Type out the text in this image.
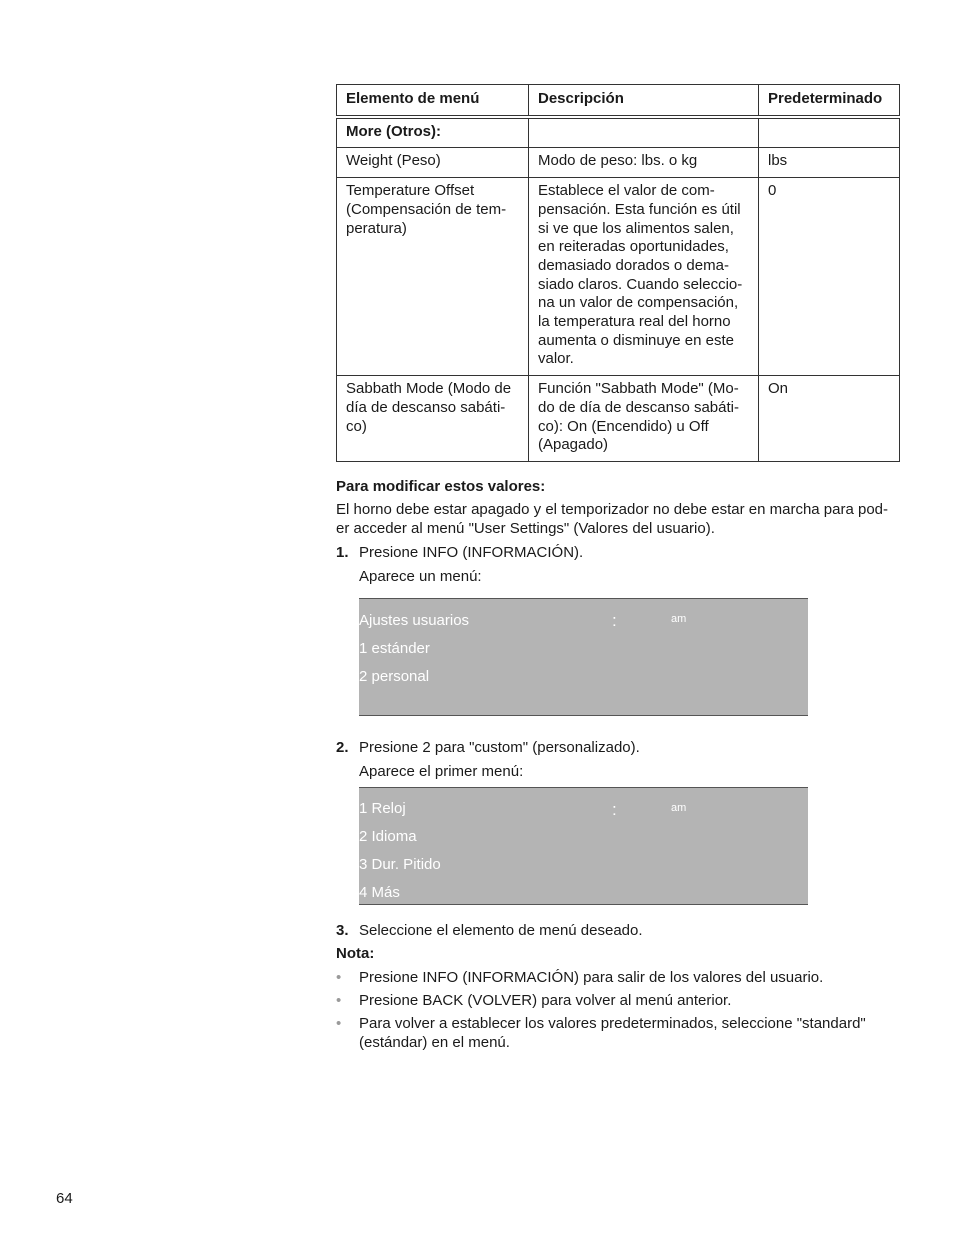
Elemento de menú	Descripción	Predeterminado
More (Otros):		
Weight (Peso)	Modo de peso: lbs. o kg	lbs
Temperature Offset (Compensación de tem-peratura)	Establece el valor de com-pensación. Esta función es útil si ve que los alimentos salen, en reiteradas oportunidades, demasiado dorados o dema-siado claros. Cuando seleccio-na un valor de compensación, la temperatura real del horno aumenta o disminuye en este valor.	0
Sabbath Mode (Modo de día de descanso sabáti-co)	Función "Sabbath Mode" (Mo-do de día de descanso sabáti-co): On (Encendido) u Off (Apagado)	On
Para modificar estos valores:
El horno debe estar apagado y el temporizador no debe estar en marcha para pod-er acceder al menú "User Settings" (Valores del usuario).
1. Presione INFO (INFORMACIÓN).
Aparece un menú:
2. Presione 2 para "custom" (personalizado).
Aparece el primer menú:
3. Seleccione el elemento de menú deseado.
Nota:
• Presione INFO (INFORMACIÓN) para salir de los valores del usuario.
• Presione BACK (VOLVER) para volver al menú anterior.
• Para volver a establecer los valores predeterminados, seleccione "standard" (estándar) en el menú.
Ajustes usuarios	:	am
1 estánder
2 personal
1 Reloj	:	am
2 Idioma
3 Dur. Pitido
4 Más
64
